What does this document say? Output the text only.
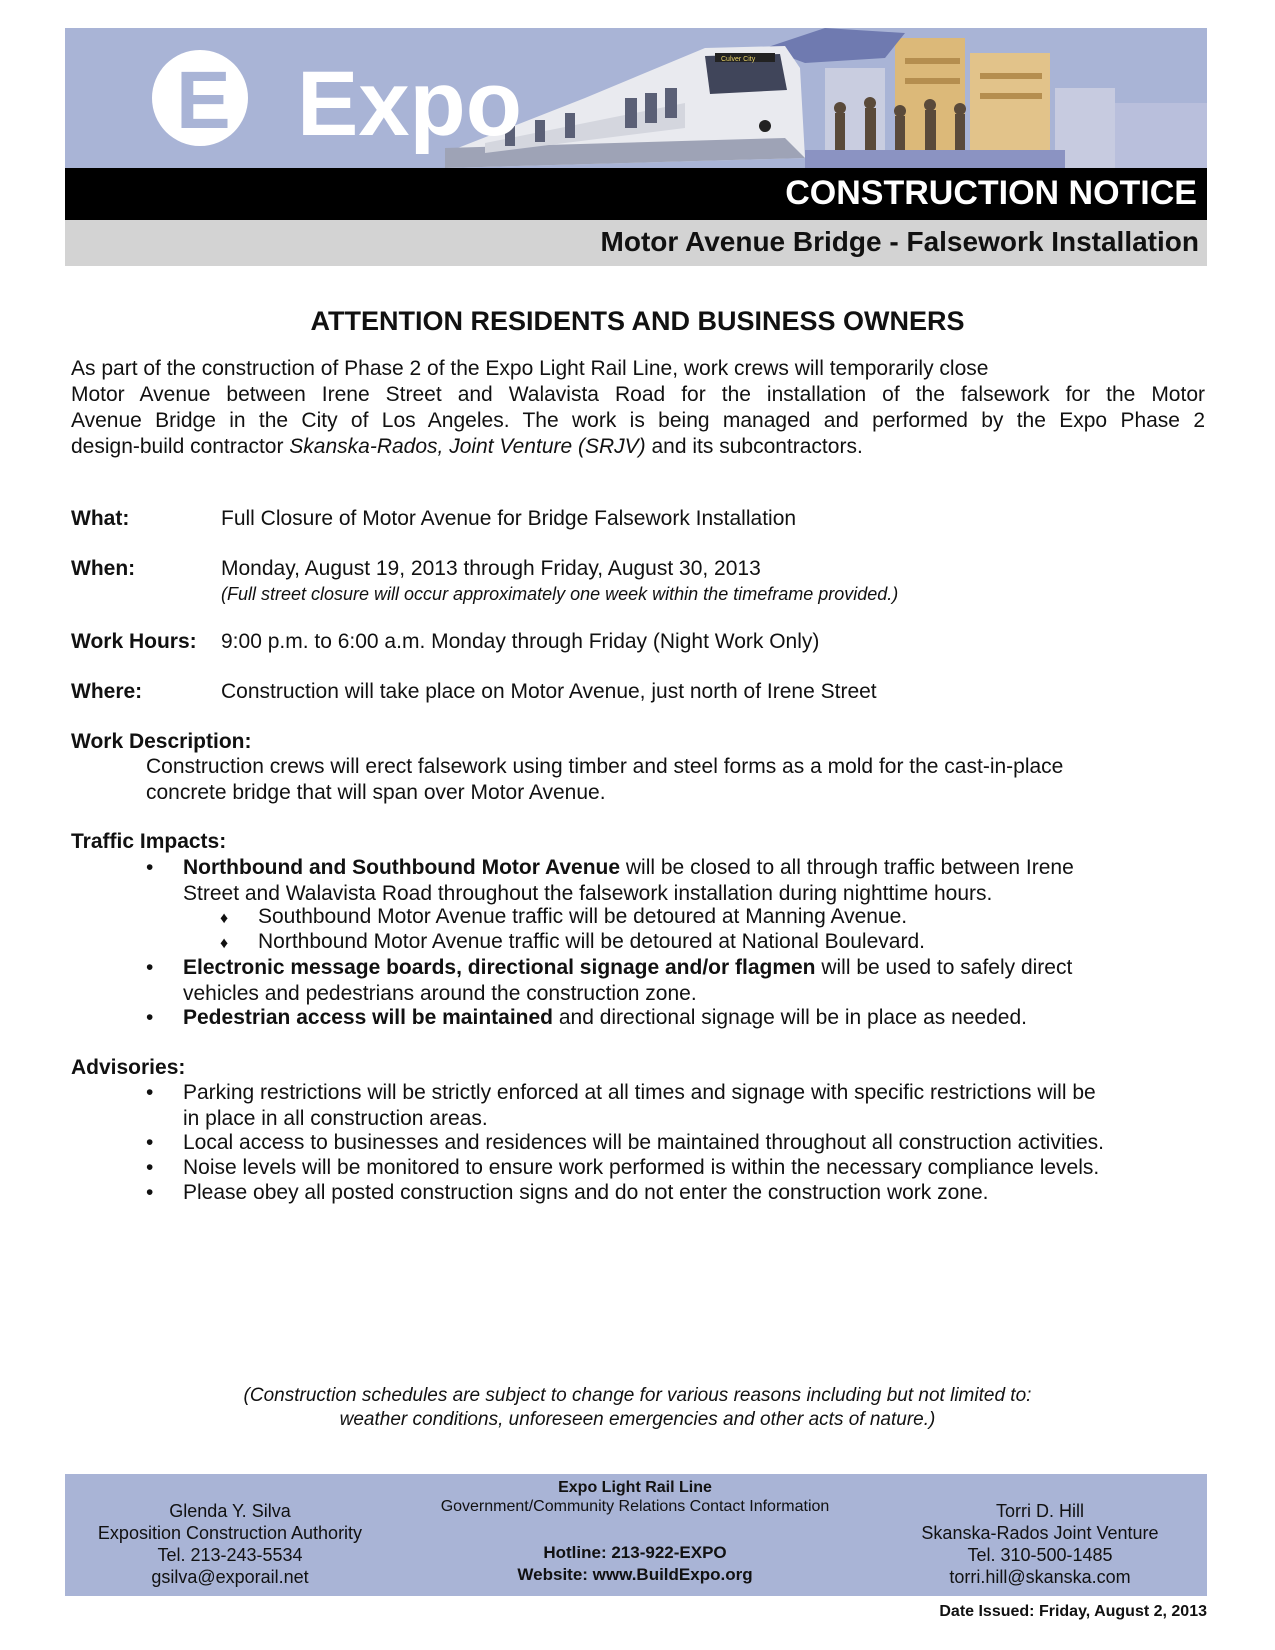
E	Culver City
Expo
CONSTRUCTION NOTICE
Motor Avenue Bridge - Falsework Installation
ATTENTION RESIDENTS AND BUSINESS OWNERS
As part of the construction of Phase 2 of the Expo Light Rail Line, work crews will temporarily close
Motor Avenue between Irene Street and Walavista Road for the installation of the falsework for the Motor
Avenue Bridge in the City of Los Angeles. The work is being managed and performed by the Expo Phase 2
design-build contractor Skanska-Rados, Joint Venture (SRJV) and its subcontractors.
What:	Full Closure of Motor Avenue for Bridge Falsework Installation
When:	Monday, August 19, 2013 through Friday, August 30, 2013
(Full street closure will occur approximately one week within the timeframe provided.)
Work Hours: 9:00 p.m. to 6:00 a.m. Monday through Friday (Night Work Only)
Where:	Construction will take place on Motor Avenue, just north of Irene Street
Work Description:
Construction crews will erect falsework using timber and steel forms as a mold for the cast-in-place
concrete bridge that will span over Motor Avenue.
Traffic Impacts:
• Northbound and Southbound Motor Avenue will be closed to all through traffic between Irene
Street and Walavista Road throughout the falsework installation during nighttime hours.
♦ Southbound Motor Avenue traffic will be detoured at Manning Avenue.
♦ Northbound Motor Avenue traffic will be detoured at National Boulevard.
• Electronic message boards, directional signage and/or flagmen will be used to safely direct
vehicles and pedestrians around the construction zone.
• Pedestrian access will be maintained and directional signage will be in place as needed.
Advisories:
• Parking restrictions will be strictly enforced at all times and signage with specific restrictions will be
in place in all construction areas.
• Local access to businesses and residences will be maintained throughout all construction activities.
• Noise levels will be monitored to ensure work performed is within the necessary compliance levels.
• Please obey all posted construction signs and do not enter the construction work zone.
(Construction schedules are subject to change for various reasons including but not limited to:
weather conditions, unforeseen emergencies and other acts of nature.)
Glenda Y. Silva
Exposition Construction Authority
Tel. 213-243-5534
gsilva@exporail.net
Expo Light Rail Line
Government/Community Relations Contact Information
Hotline: 213-922-EXPO
Website: www.BuildExpo.org
Torri D. Hill
Skanska-Rados Joint Venture
Tel. 310-500-1485
torri.hill@skanska.com
Date Issued: Friday, August 2, 2013
